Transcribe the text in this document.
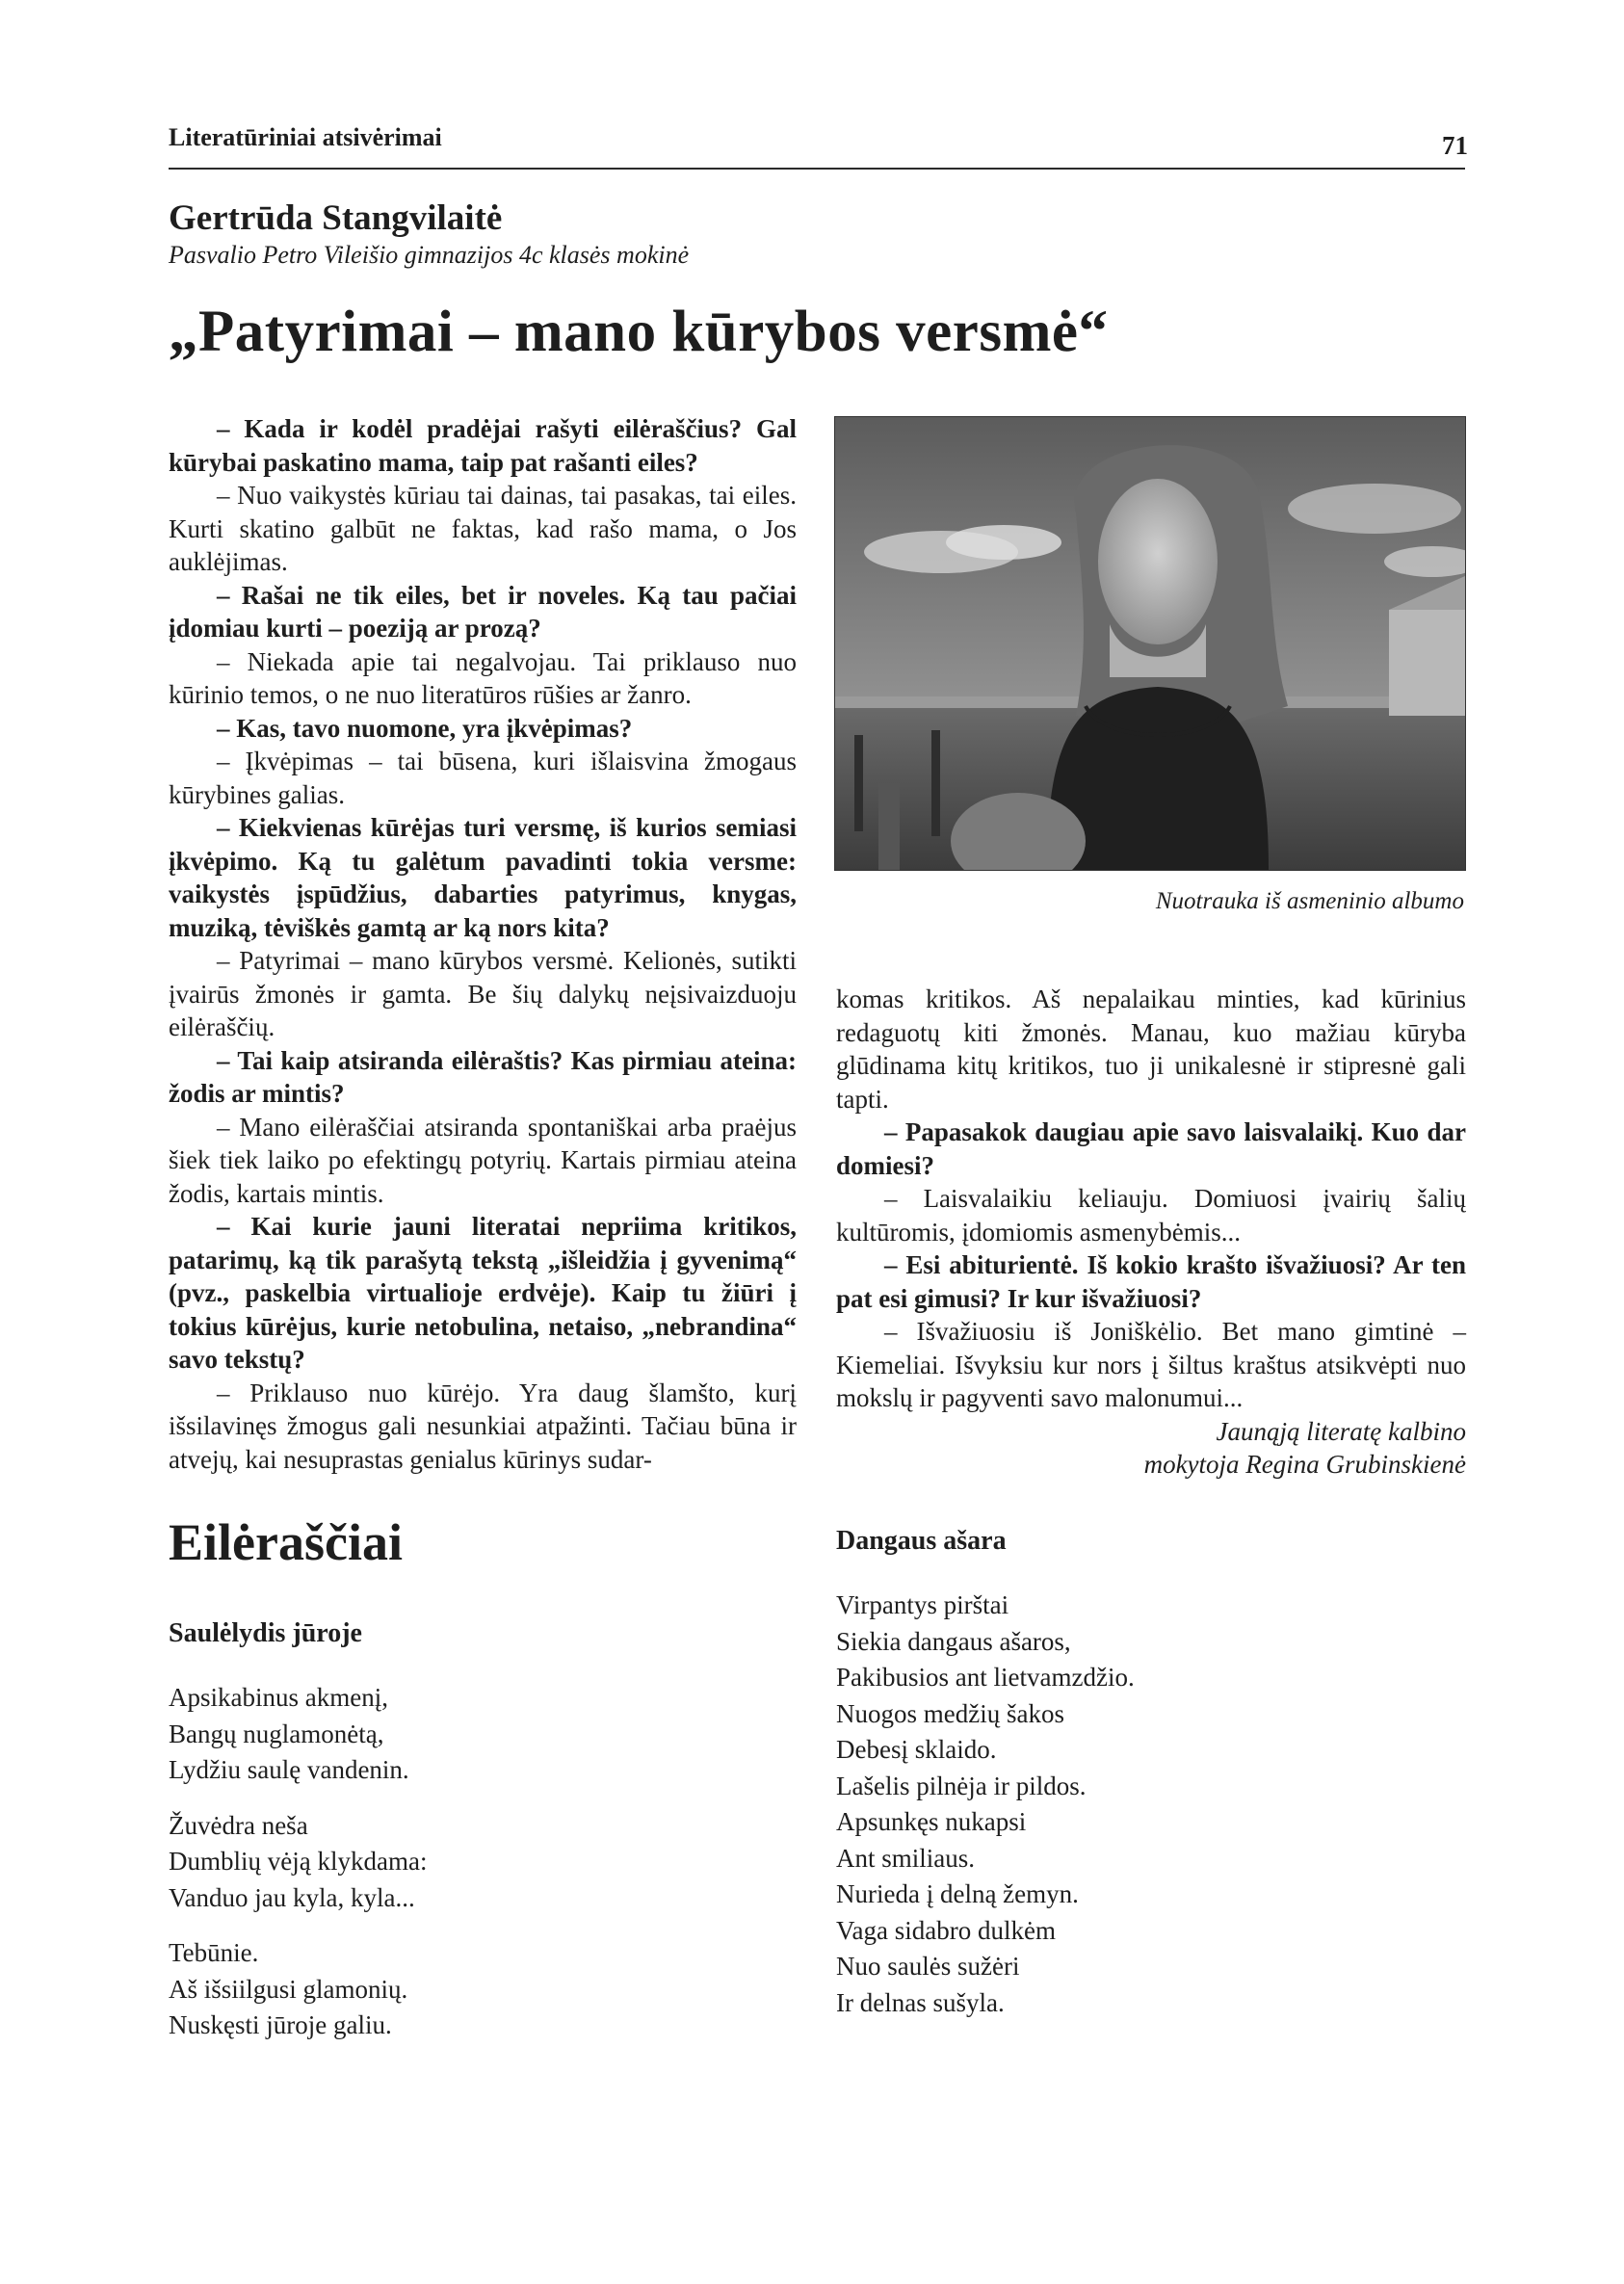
Literatūriniai atsivėrimai	71
Gertrūda Stangvilaitė
Pasvalio Petro Vileišio gimnazijos 4c klasės mokinė
„Patyrimai – mano kūrybos versmė“

– Kada ir kodėl pradėjai rašyti eilėraščius? Gal kūrybai paskatino mama, taip pat rašanti eiles?

– Nuo vaikystės kūriau tai dainas, tai pasakas, tai eiles. Kurti skatino galbūt ne faktas, kad rašo mama, o Jos auklėjimas.

– Rašai ne tik eiles, bet ir noveles. Ką tau pačiai įdomiau kurti – poeziją ar prozą?

– Niekada apie tai negalvojau. Tai priklauso nuo kūrinio temos, o ne nuo literatūros rūšies ar žanro.

– Kas, tavo nuomone, yra įkvėpimas?

– Įkvėpimas – tai būsena, kuri išlaisvina žmogaus kūrybines galias.

– Kiekvienas kūrėjas turi versmę, iš kurios semiasi įkvėpimo. Ką tu galėtum pavadinti tokia versme: vaikystės įspūdžius, dabarties patyrimus, knygas, muziką, tėviškės gamtą ar ką nors kita?

– Patyrimai – mano kūrybos versmė. Kelionės, sutikti įvairūs žmonės ir gamta. Be šių dalykų neįsivaizduoju eilėraščių.

– Tai kaip atsiranda eilėraštis? Kas pirmiau ateina: žodis ar mintis?

– Mano eilėraščiai atsiranda spontaniškai arba praėjus šiek tiek laiko po efektingų potyrių. Kartais pirmiau ateina žodis, kartais mintis.

– Kai kurie jauni literatai nepriima kritikos, patarimų, ką tik parašytą tekstą „išleidžia į gyvenimą“ (pvz., paskelbia virtualioje erdvėje). Kaip tu žiūri į tokius kūrėjus, kurie netobulina, netaiso, „nebrandina“ savo tekstų?

– Priklauso nuo kūrėjo. Yra daug šlamšto, kurį išsilavinęs žmogus gali nesunkiai atpažinti. Tačiau būna ir atvejų, kai nesuprastas genialus kūrinys sudar-

Nuotrauka iš asmeninio albumo

komas kritikos. Aš nepalaikau minties, kad kūrinius redaguotų kiti žmonės. Manau, kuo mažiau kūryba glūdinama kitų kritikos, tuo ji unikalesnė ir stipresnė gali tapti.

– Papasakok daugiau apie savo laisvalaikį. Kuo dar domiesi?

– Laisvalaikiu keliauju. Domiuosi įvairių šalių kultūromis, įdomiomis asmenybėmis...

– Esi abiturientė. Iš kokio krašto išvažiuosi? Ar ten pat esi gimusi? Ir kur išvažiuosi?

– Išvažiuosiu iš Joniškėlio. Bet mano gimtinė – Kiemeliai. Išvyksiu kur nors į šiltus kraštus atsikvėpti nuo mokslų ir pagyventi savo malonumui...

Jaunąją literatę kalbino

mokytoja Regina Grubinskienė

Eilėraščiai
Saulėlydis jūroje
Apsikabinus akmenį,
Bangų nuglamonėtą,
Lydžiu saulę vandenin.
Žuvėdra neša
Dumblių vėją klykdama:
Vanduo jau kyla, kyla...
Tebūnie.
Aš išsiilgusi glamonių.
Nuskęsti jūroje galiu.
Dangaus ašara
Virpantys pirštai
Siekia dangaus ašaros,
Pakibusios ant lietvamzdžio.
Nuogos medžių šakos
Debesį sklaido.
Lašelis pilnėja ir pildos.
Apsunkęs nukapsi
Ant smiliaus.
Nurieda į delną žemyn.
Vaga sidabro dulkėm
Nuo saulės sužėri
Ir delnas sušyla.
